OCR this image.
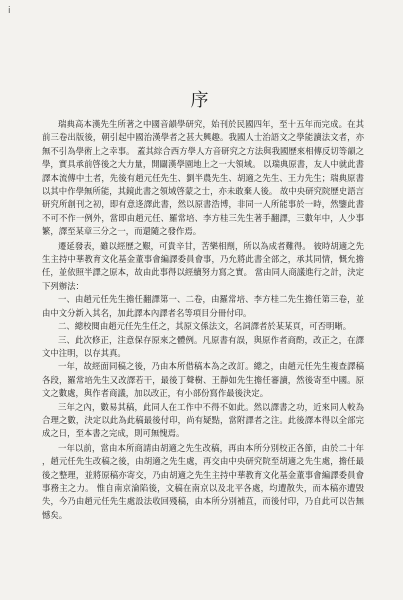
ⅰ
序

瑞典高本漢先生所著之中國音韻學研究，始刊於民國四年，至十五年而完成。在其前三卷出版後，朝引起中國治漢學者之甚大興趣。我國人士治語文之學能讀法文者，亦無不引為學術上之幸事。 蓋其綜合西方學人方音研究之方法與我國歷來相傳反切等韻之學，實具承前啓後之大力量，開闢漢學園地上之一大領域。 以瑞典原書，友人中就此書譯本流傳中土者，先後有趙元任先生、劉半農先生、胡適之先生、王力先生；瑞典原書以其中作學無所能，其鏡此書之領域啓蒙之士，亦未敢棄人後。 故中央研究院歷史語言研究所創刊之初，即有意迻譯此書，然以原書浩博，非同一人所能事於一時，然鑒此書不可不作一例外，當即由趙元任、羅常培、李方桂三先生著手翻譯，三數年中，人少事繁，譯至某章三分之一，而還隨之發作焉。

遷延發表，雖以經歷之艱，可貴辛甘，苦樂相劑，所以為成者難得。 彼時胡適之先生主持中華教育文化基金董事會編譯委員會事，乃允將此書全部之，承其同情，慨允擔任，並依照半譯之原本，故由此事得以經續努力寫之實。 當由同人商議進行之計，決定下列辦法：

一、由趙元任先生擔任翻譯第一、二卷，由羅常培、李方桂二先生擔任第三卷，並由中文分新入其名，加此譯本內譯者名等項目分冊付印。

二、總校閱由趙元任先生任之，其原文係法文，名詞譯者於某某頁，可否明晰。

三、此次修正，注意保存原來之體例。凡原書有誤，與原作者商酌，改正之，在譯文中注明，以存其真。

一年，故經面同稿之後，乃由本所借稿本為之改訂。總之，由趙元任先生複查譯稿各段，羅常培先生又改譯若干，最後丁聲樹、王靜如先生擔任審讀，然後寄至中國。原文之數處，與作者商議，加以改正，有小部份寫作最後決定。

三年之內，數易其稿，此同人在工作中不得不如此。然以譯書之功，近來同人較為合理之數，決定以此為此稿最後付印，尚有疑點，當附譯者之注。此後譯本得以全部完成之日，至本書之完成，則可無愧焉。

一年以前，當由本所商請由胡適之先生改稿，再由本所分別校正各節，由於二十年 ，趙元任先生改稿之後，由胡適之先生處，再交由中央研究院至胡適之先生處，擔任最後之整理，並將原稿亦寄交，乃由胡適之先生主持中華教育文化基金董事會編譯委員會事務主之力。 惟自南京淪陷後，文稿在南京以及北平各處，均遭散失，而本稿亦遭毀失，今乃由趙元任先生處設法收回殘稿，由本所分別補苴，而後付印，乃自此可以告無憾矣。
